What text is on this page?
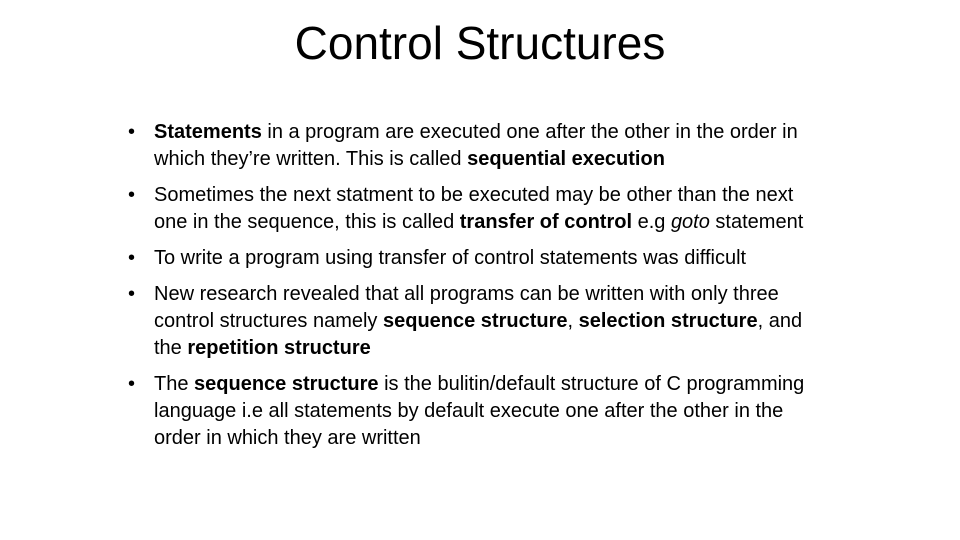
Control Structures
• Statements in a program are executed one after the other in the order in which they’re written. This is called sequential execution
• Sometimes the next statment to be executed may be other than the next one in the sequence, this is called transfer of control e.g goto statement
• To write a program using transfer of control statements was difficult
• New research revealed that all programs can be written with only three control structures namely sequence structure, selection structure, and the repetition structure
• The sequence structure is the bulitin/default structure of C programming language i.e all statements by default execute one after the other in the order in which they are written
